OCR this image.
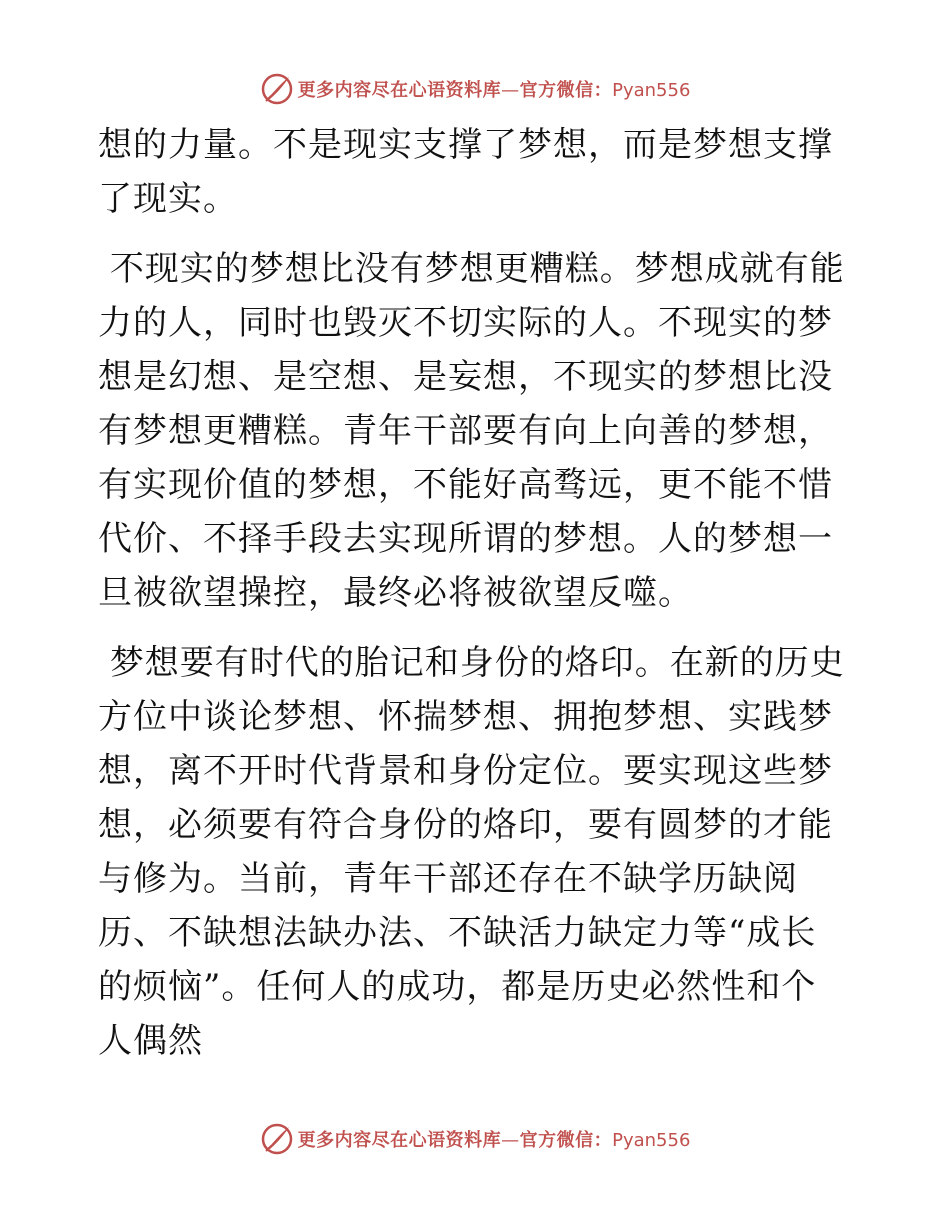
更多内容尽在心语资料库—官方微信：Pyan556

想的力量。不是现实支撑了梦想，而是梦想支撑了现实。

不现实的梦想比没有梦想更糟糕。梦想成就有能力的人，同时也毁灭不切实际的人。不现实的梦想是幻想、是空想、是妄想，不现实的梦想比没有梦想更糟糕。青年干部要有向上向善的梦想，有实现价值的梦想，不能好高骛远，更不能不惜代价、不择手段去实现所谓的梦想。人的梦想一旦被欲望操控，最终必将被欲望反噬。

梦想要有时代的胎记和身份的烙印。在新的历史方位中谈论梦想、怀揣梦想、拥抱梦想、实践梦想，离不开时代背景和身份定位。要实现这些梦想，必须要有符合身份的烙印，要有圆梦的才能与修为。当前，青年干部还存在不缺学历缺阅历、不缺想法缺办法、不缺活力缺定力等“成长的烦恼”。任何人的成功，都是历史必然性和个人偶然

更多内容尽在心语资料库—官方微信：Pyan556
